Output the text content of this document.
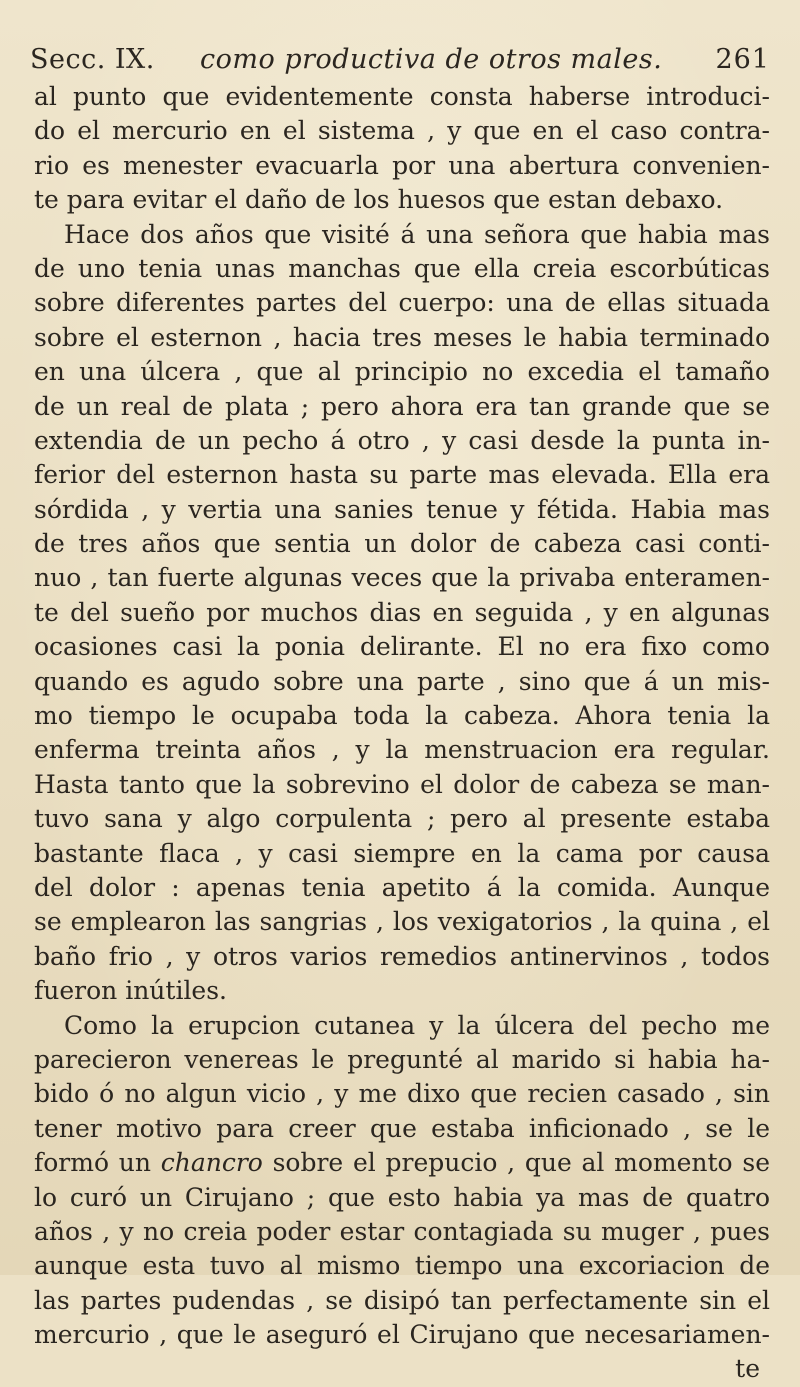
Secc. IX. como productiva de otros males. 261
al punto que evidentemente consta haberse introduci-
do el mercurio en el sistema , y que en el caso contra-
rio es menester evacuarla por una abertura convenien-
te para evitar el daño de los huesos que estan debaxo.
Hace dos años que visité á una señora que habia mas
de uno tenia unas manchas que ella creia escorbúticas
sobre diferentes partes del cuerpo: una de ellas situada
sobre el esternon , hacia tres meses le habia terminado
en una úlcera , que al principio no excedia el tamaño
de un real de plata ; pero ahora era tan grande que se
extendia de un pecho á otro , y casi desde la punta in-
ferior del esternon hasta su parte mas elevada. Ella era
sórdida , y vertia una sanies tenue y fétida. Habia mas
de tres años que sentia un dolor de cabeza casi conti-
nuo , tan fuerte algunas veces que la privaba enteramen-
te del sueño por muchos dias en seguida , y en algunas
ocasiones casi la ponia delirante. El no era fixo como
quando es agudo sobre una parte , sino que á un mis-
mo tiempo le ocupaba toda la cabeza. Ahora tenia la
enferma treinta años , y la menstruacion era regular.
Hasta tanto que la sobrevino el dolor de cabeza se man-
tuvo sana y algo corpulenta ; pero al presente estaba
bastante flaca , y casi siempre en la cama por causa
del dolor : apenas tenia apetito á la comida. Aunque
se emplearon las sangrias , los vexigatorios , la quina , el
baño frio , y otros varios remedios antinervinos , todos
fueron inútiles.
Como la erupcion cutanea y la úlcera del pecho me
parecieron venereas le pregunté al marido si habia ha-
bido ó no algun vicio , y me dixo que recien casado , sin
tener motivo para creer que estaba inficionado , se le
formó un chancro sobre el prepucio , que al momento se
lo curó un Cirujano ; que esto habia ya mas de quatro
años , y no creia poder estar contagiada su muger , pues
aunque esta tuvo al mismo tiempo una excoriacion de
las partes pudendas , se disipó tan perfectamente sin el
mercurio , que le aseguró el Cirujano que necesariamen-
te
